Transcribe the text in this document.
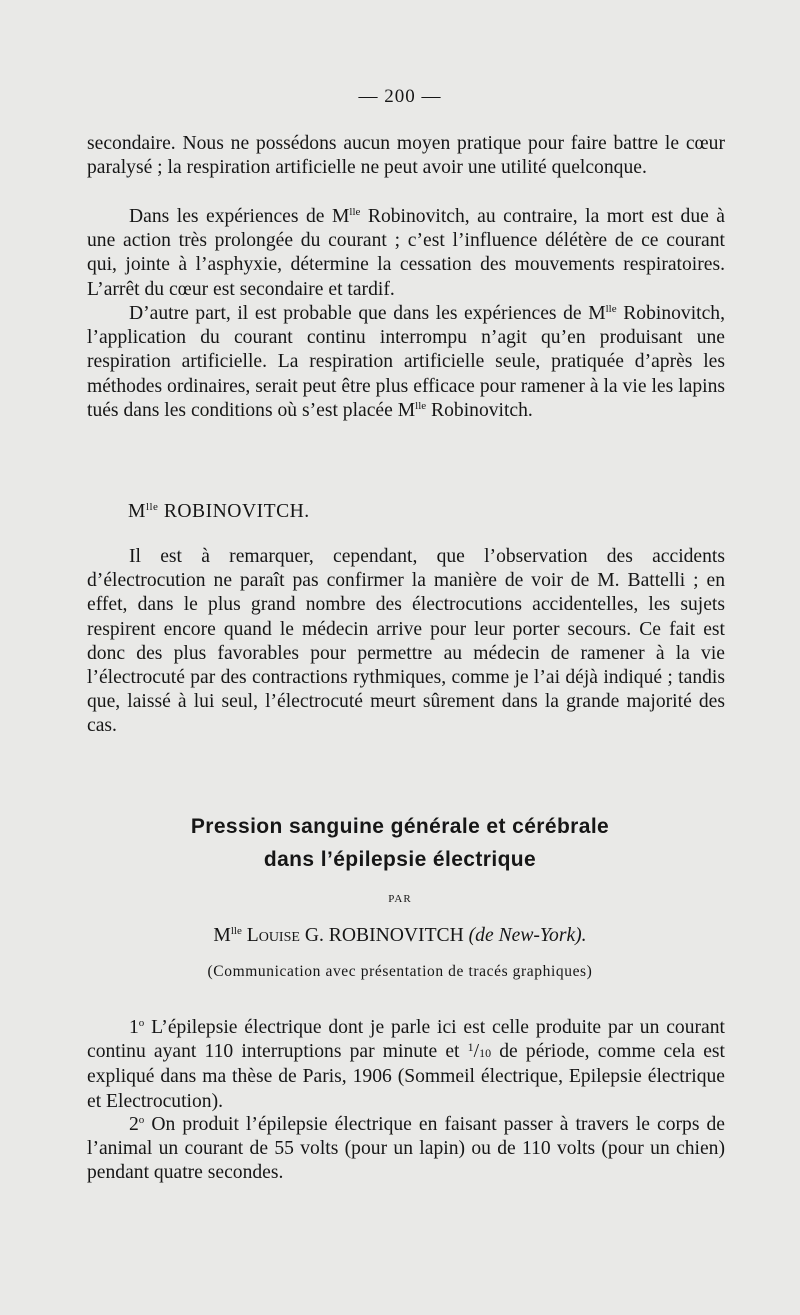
— 200 —

secondaire. Nous ne possédons aucun moyen pratique pour faire battre le cœur paralysé ; la respiration artificielle ne peut avoir une utilité quelconque.

Dans les expériences de $M^{lle}$ Robinovitch, au contraire, la mort est due à une action très prolongée du courant ; c’est l’influence délétère de ce courant qui, jointe à l’asphyxie, détermine la cessation des mouvements respiratoires. L’arrêt du cœur est secondaire et tardif.

D’autre part, il est probable que dans les expériences de $M^{lle}$ Robinovitch, l’application du courant continu interrompu n’agit qu’en produisant une respiration artificielle. La respiration artificielle seule, pratiquée d’après les méthodes ordinaires, serait peut être plus efficace pour ramener à la vie les lapins tués dans les conditions où s’est placée $M^{lle}$ Robinovitch.

$M^{lle}$ ROBINOVITCH.

Il est à remarquer, cependant, que l’observation des accidents d’électrocution ne paraît pas confirmer la manière de voir de M. Battelli ; en effet, dans le plus grand nombre des électrocutions accidentelles, les sujets respirent encore quand le médecin arrive pour leur porter secours. Ce fait est donc des plus favorables pour permettre au médecin de ramener à la vie l’électrocuté par des contractions rythmiques, comme je l’ai déjà indiqué ; tandis que, laissé à lui seul, l’électrocuté meurt sûrement dans la grande majorité des cas.

Pression sanguine générale et cérébrale
dans l’épilepsie électrique
PAR
$M^{lle}$ Louise G. ROBINOVITCH (de New-York).
(Communication avec présentation de tracés graphiques)

1$^o$ L’épilepsie électrique dont je parle ici est celle produite par un courant continu ayant 110 interruptions par minute et $^1$/10 de période, comme cela est expliqué dans ma thèse de Paris, 1906 (Sommeil électrique, Epilepsie électrique et Electrocution).

2$^o$ On produit l’épilepsie électrique en faisant passer à travers le corps de l’animal un courant de 55 volts (pour un lapin) ou de 110 volts (pour un chien) pendant quatre secondes.
